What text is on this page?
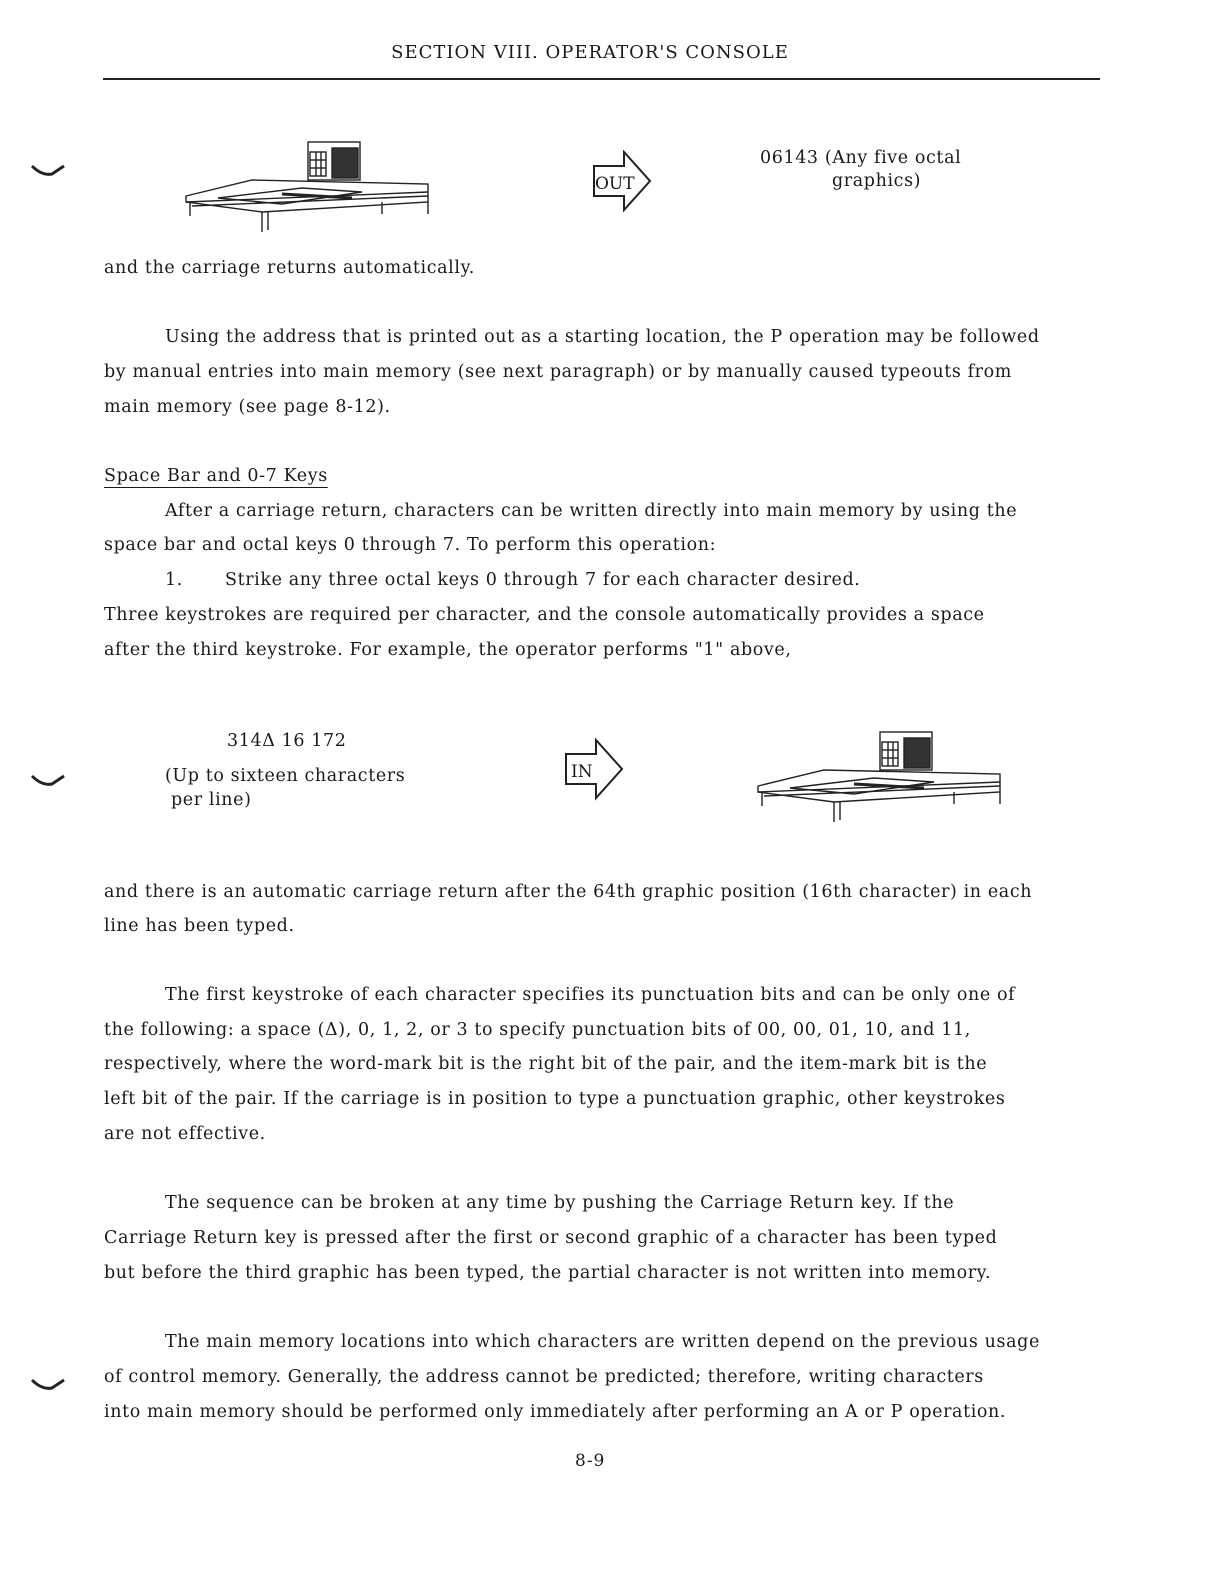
SECTION VIII. OPERATOR'S CONSOLE
OUT
06143 (Any five octal
graphics)
and the carriage returns automatically.
Using the address that is printed out as a starting location, the P operation may be followed
by manual entries into main memory (see next paragraph) or by manually caused typeouts from
main memory (see page 8-12).
Space Bar and 0-7 Keys
After a carriage return, characters can be written directly into main memory by using the
space bar and octal keys 0 through 7. To perform this operation:
1. Strike any three octal keys 0 through 7 for each character desired.
Three keystrokes are required per character, and the console automatically provides a space
after the third keystroke. For example, the operator performs "1" above,
314Δ 16 172
(Up to sixteen characters
per line)
IN
and there is an automatic carriage return after the 64th graphic position (16th character) in each
line has been typed.
The first keystroke of each character specifies its punctuation bits and can be only one of
the following: a space (Δ), 0, 1, 2, or 3 to specify punctuation bits of 00, 00, 01, 10, and 11,
respectively, where the word-mark bit is the right bit of the pair, and the item-mark bit is the
left bit of the pair. If the carriage is in position to type a punctuation graphic, other keystrokes
are not effective.
The sequence can be broken at any time by pushing the Carriage Return key. If the
Carriage Return key is pressed after the first or second graphic of a character has been typed
but before the third graphic has been typed, the partial character is not written into memory.
The main memory locations into which characters are written depend on the previous usage
of control memory. Generally, the address cannot be predicted; therefore, writing characters
into main memory should be performed only immediately after performing an A or P operation.
8-9
